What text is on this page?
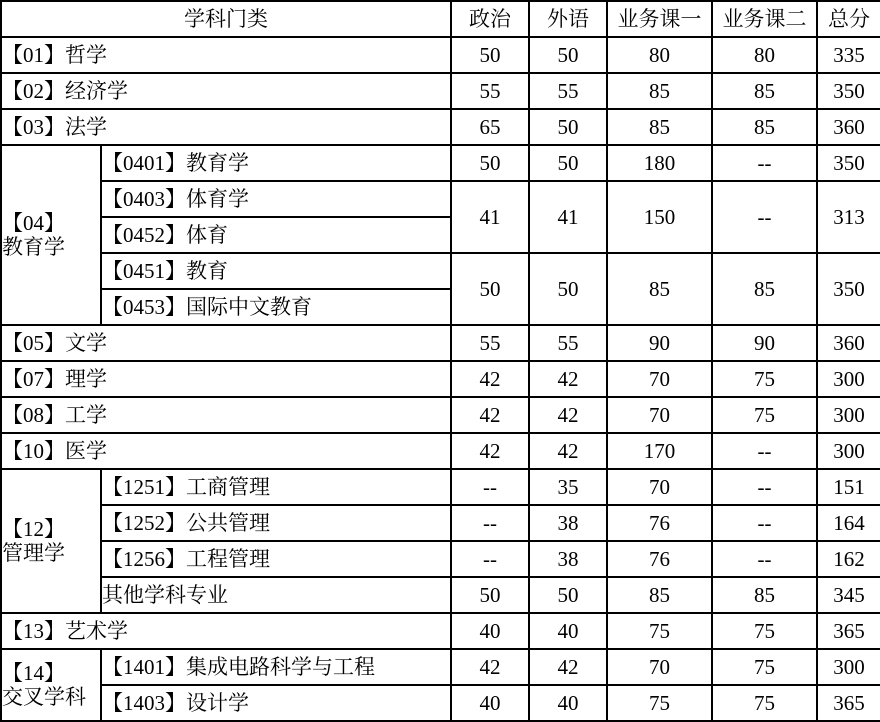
学科门类		政治	外语	业务课一	业务课二	总分
【01】哲学		50	50	80	80	335
【02】经济学		55	55	85	85	350
【03】法学		65	50	85	85	360

【04】
教育学	【0401】教育学	50	50	180	--	350
	【0403】体育学	41	41	150	--	313
	【0452】体育					
	【0451】教育	50	50	85	85	350
	【0453】国际中文教育					
【05】文学		55	55	90	90	360
【07】理学		42	42	70	75	300
【08】工学		42	42	70	75	300
【10】医学		42	42	170	--	300

【12】
管理学	【1251】工商管理	--	35	70	--	151
	【1252】公共管理	--	38	76	--	164
	【1256】工程管理	--	38	76	--	162
	其他学科专业	50	50	85	85	345
【13】艺术学		40	40	75	75	365

【14】
交叉学科	【1401】集成电路科学与工程	42	42	70	75	300
	【1403】设计学	40	40	75	75	365
